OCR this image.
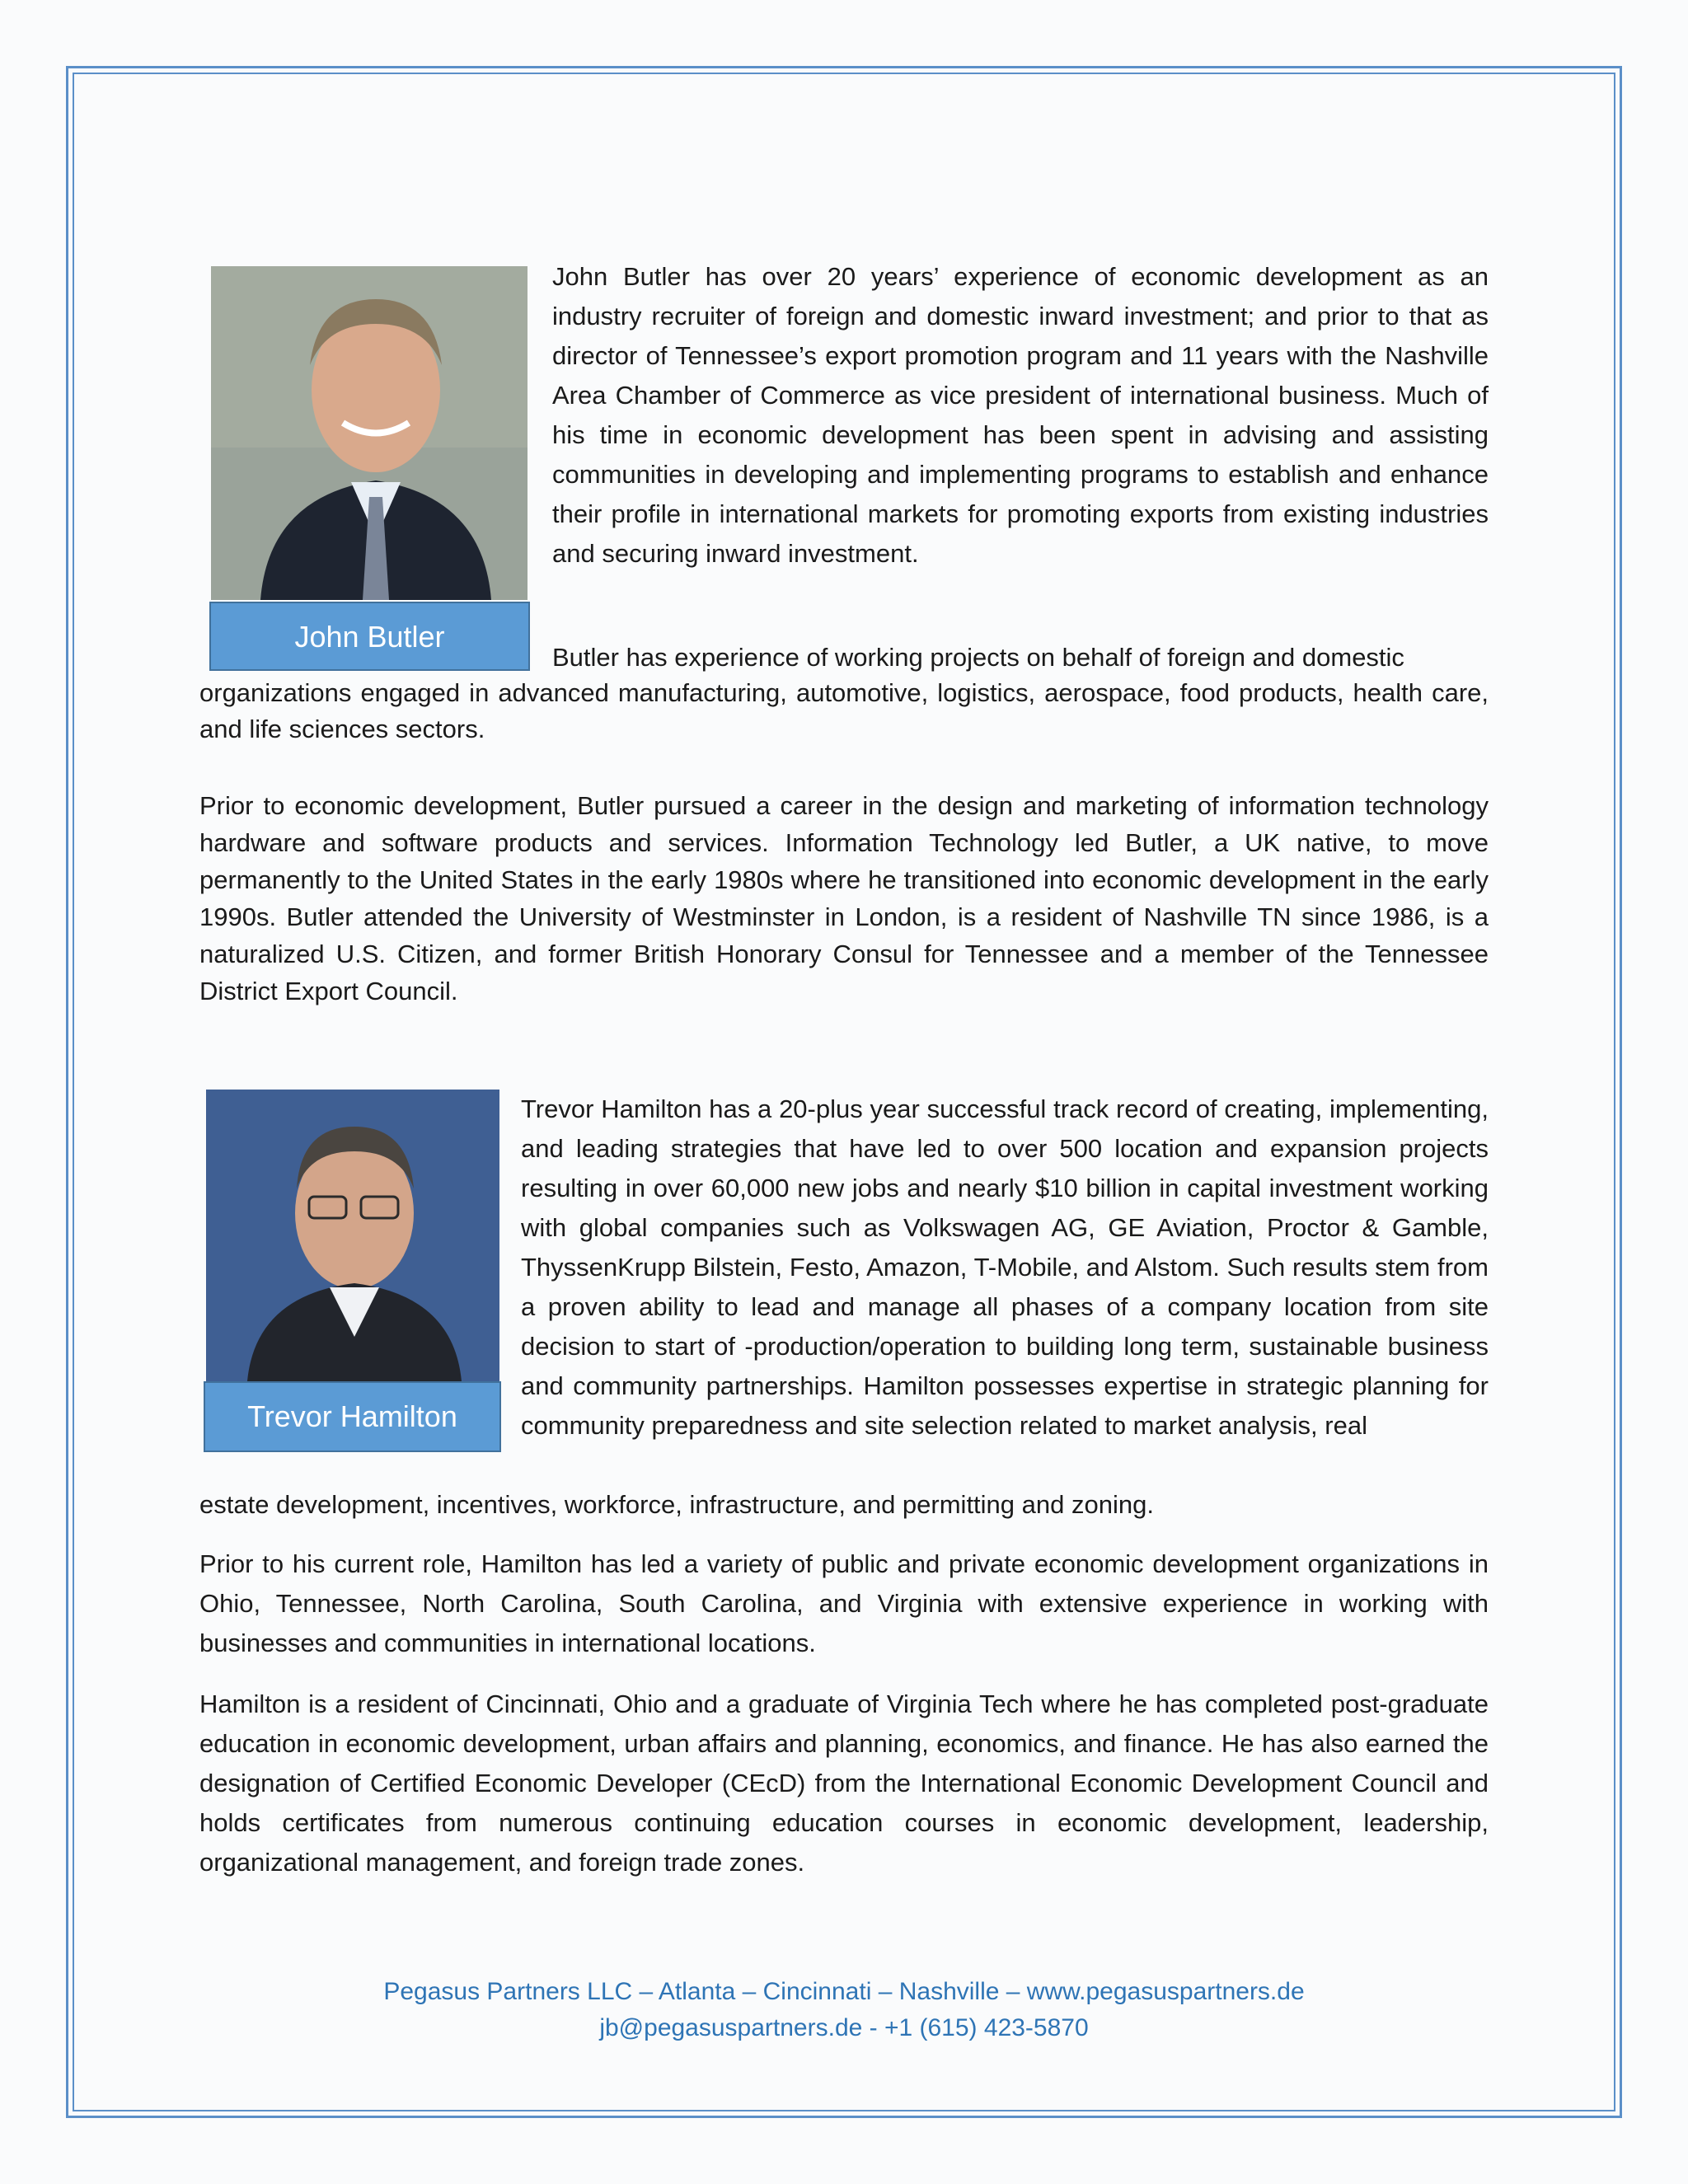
John Butler

John Butler has over 20 years’ experience of economic development as an industry recruiter of foreign and domestic inward investment; and prior to that as director of Tennessee’s export promotion program and 11 years with the Nashville Area Chamber of Commerce as vice president of international business. Much of his time in economic development has been spent in advising and assisting communities in developing and implementing programs to establish and enhance their profile in international markets for promoting exports from existing industries and securing inward investment.

Butler has experience of working projects on behalf of foreign and domestic

organizations engaged in advanced manufacturing, automotive, logistics, aerospace, food products, health care, and life sciences sectors.

Prior to economic development, Butler pursued a career in the design and marketing of information technology hardware and software products and services. Information Technology led Butler, a UK native, to move permanently to the United States in the early 1980s where he transitioned into economic development in the early 1990s. Butler attended the University of Westminster in London, is a resident of Nashville TN since 1986, is a naturalized U.S. Citizen, and former British Honorary Consul for Tennessee and a member of the Tennessee District Export Council.

Trevor Hamilton

Trevor Hamilton has a 20-plus year successful track record of creating, implementing, and leading strategies that have led to over 500 location and expansion projects resulting in over 60,000 new jobs and nearly $10 billion in capital investment working with global companies such as Volkswagen AG, GE Aviation, Proctor & Gamble, ThyssenKrupp Bilstein, Festo, Amazon, T-Mobile, and Alstom. Such results stem from a proven ability to lead and manage all phases of a company location from site decision to start of -production/operation to building long term, sustainable business and community partnerships. Hamilton possesses expertise in strategic planning for community preparedness and site selection related to market analysis, real

estate development, incentives, workforce, infrastructure, and permitting and zoning.

Prior to his current role, Hamilton has led a variety of public and private economic development organizations in Ohio, Tennessee, North Carolina, South Carolina, and Virginia with extensive experience in working with businesses and communities in international locations.

Hamilton is a resident of Cincinnati, Ohio and a graduate of Virginia Tech where he has completed post-graduate education in economic development, urban affairs and planning, economics, and finance. He has also earned the designation of Certified Economic Developer (CEcD) from the International Economic Development Council and holds certificates from numerous continuing education courses in economic development, leadership, organizational management, and foreign trade zones.

Pegasus Partners LLC – Atlanta – Cincinnati – Nashville – www.pegasuspartners.de
jb@pegasuspartners.de - +1 (615) 423-5870
